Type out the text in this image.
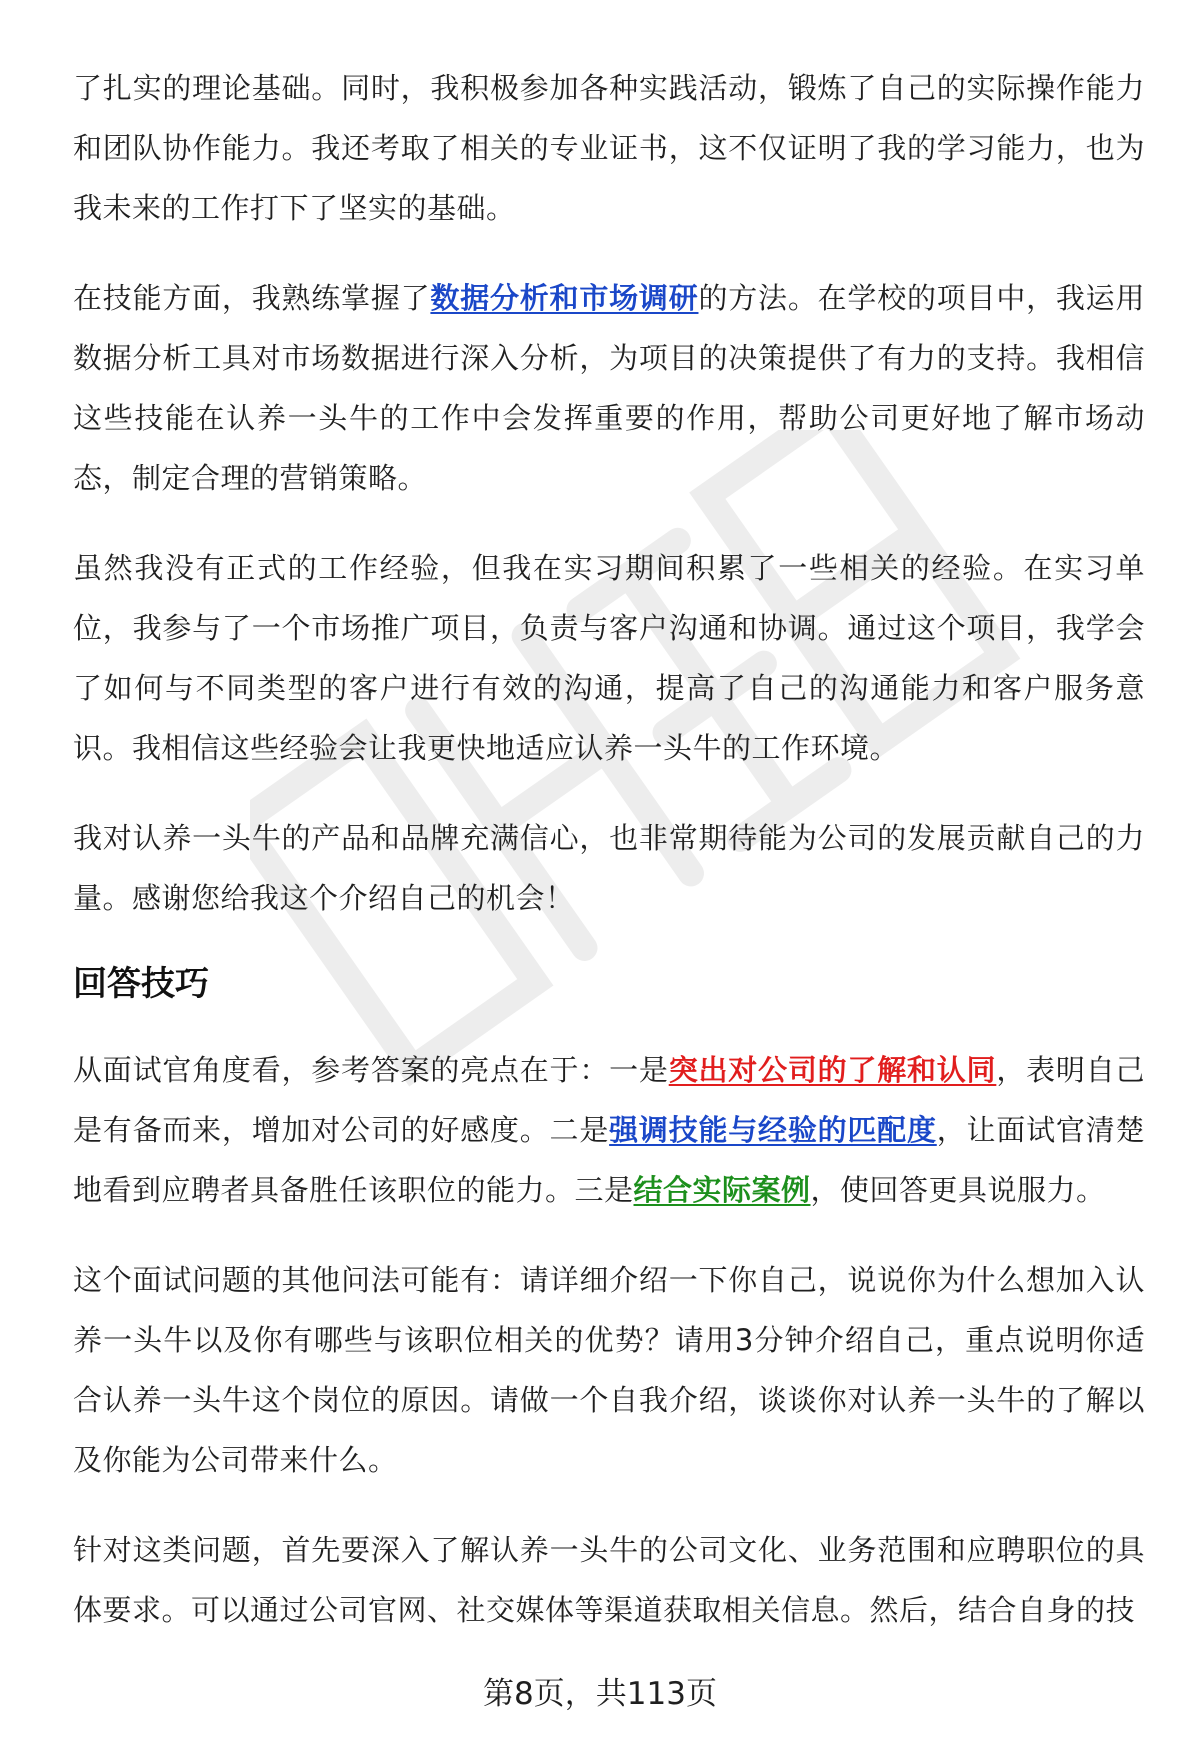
了扎实的理论基础。同时，我积极参加各种实践活动，锻炼了自己的实际操作能力和团队协作能力。我还考取了相关的专业证书，这不仅证明了我的学习能力，也为我未来的工作打下了坚实的基础。

在技能方面，我熟练掌握了数据分析和市场调研的方法。在学校的项目中，我运用数据分析工具对市场数据进行深入分析，为项目的决策提供了有力的支持。我相信这些技能在认养一头牛的工作中会发挥重要的作用，帮助公司更好地了解市场动态，制定合理的营销策略。

虽然我没有正式的工作经验，但我在实习期间积累了一些相关的经验。在实习单位，我参与了一个市场推广项目，负责与客户沟通和协调。通过这个项目，我学会了如何与不同类型的客户进行有效的沟通，提高了自己的沟通能力和客户服务意识。我相信这些经验会让我更快地适应认养一头牛的工作环境。

我对认养一头牛的产品和品牌充满信心，也非常期待能为公司的发展贡献自己的力量。感谢您给我这个介绍自己的机会！

回答技巧

从面试官角度看，参考答案的亮点在于：一是突出对公司的了解和认同，表明自己是有备而来，增加对公司的好感度。二是强调技能与经验的匹配度，让面试官清楚地看到应聘者具备胜任该职位的能力。三是结合实际案例，使回答更具说服力。

这个面试问题的其他问法可能有：请详细介绍一下你自己，说说你为什么想加入认养一头牛以及你有哪些与该职位相关的优势？请用3分钟介绍自己，重点说明你适合认养一头牛这个岗位的原因。请做一个自我介绍，谈谈你对认养一头牛的了解以及你能为公司带来什么。

针对这类问题，首先要深入了解认养一头牛的公司文化、业务范围和应聘职位的具体要求。可以通过公司官网、社交媒体等渠道获取相关信息。然后，结合自身的技

第8页，共113页
